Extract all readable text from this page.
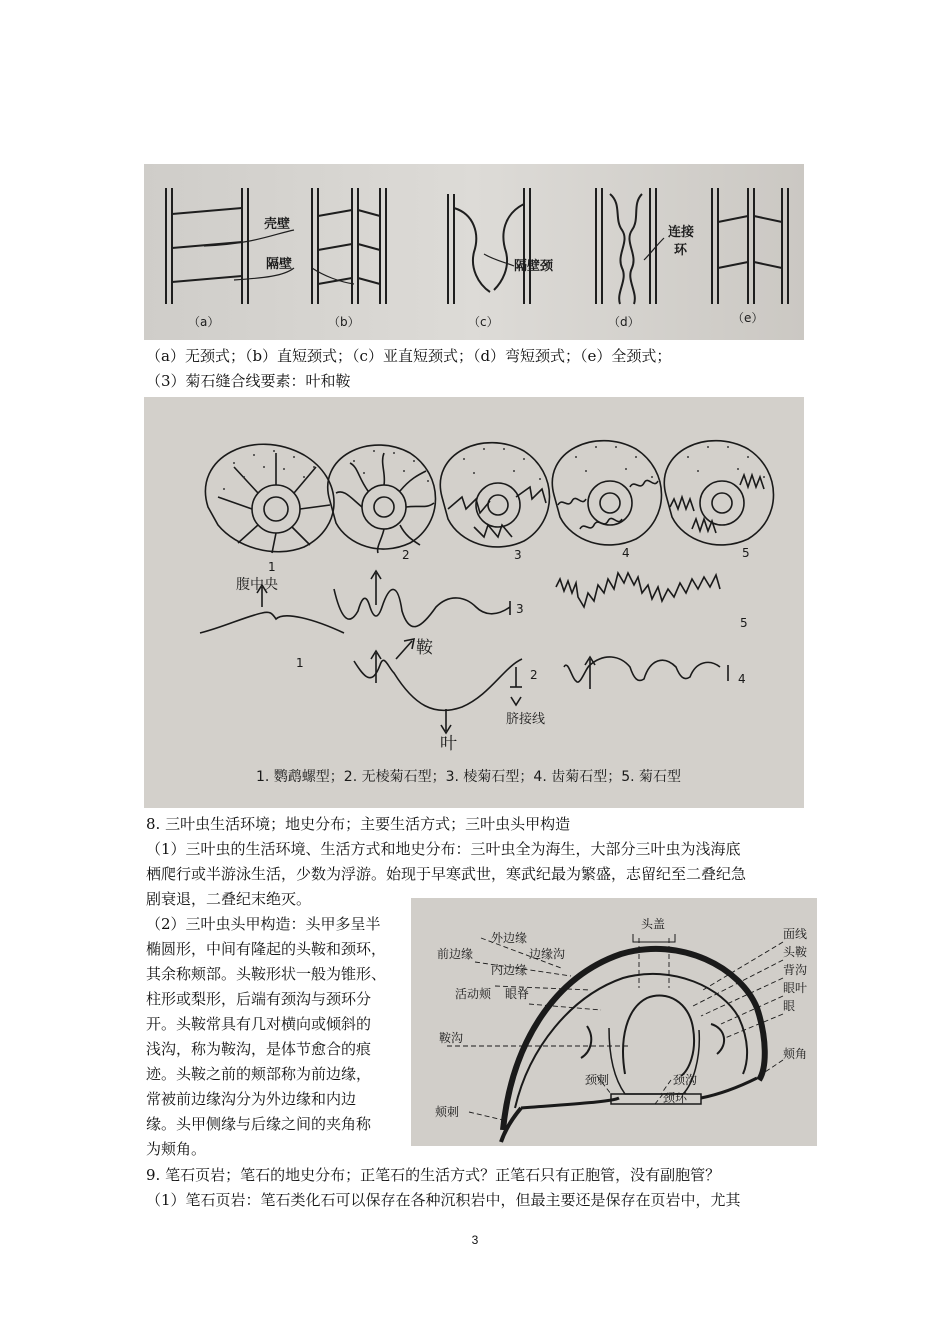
壳壁
隔壁	隔壁颈
连接
环
（a）	（b）	（c）	（d）	（e）
（a）无颈式；（b）直短颈式；（c）亚直短颈式；（d）弯短颈式；（e）全颈式；
（3）菊石缝合线要素：叶和鞍
1
2	3	4	5
腹中央
鞍
叶
脐接线
1
2
3
4
5
1. 鹦鹉螺型；2. 无棱菊石型；3. 棱菊石型；4. 齿菊石型；5. 菊石型
8. 三叶虫生活环境；地史分布；主要生活方式；三叶虫头甲构造
（1）三叶虫的生活环境、生活方式和地史分布：三叶虫全为海生，大部分三叶虫为浅海底
栖爬行或半游泳生活，少数为浮游。始现于早寒武世，寒武纪最为繁盛，志留纪至二叠纪急
剧衰退，二叠纪末绝灭。
（2）三叶虫头甲构造：头甲多呈半
椭圆形，中间有隆起的头鞍和颈环，
其余称颊部。头鞍形状一般为锥形、
柱形或梨形，后端有颈沟与颈环分
开。头鞍常具有几对横向或倾斜的
浅沟，称为鞍沟，是体节愈合的痕
迹。头鞍之前的颊部称为前边缘，
常被前边缘沟分为外边缘和内边
缘。头甲侧缘与后缘之间的夹角称
为颊角。
头盖
外边缘
前边缘	边缘沟
内边缘
活动颊 眼脊
鞍沟
颈刺
颊刺
面线
头鞍
背沟
眼叶
眼
颊角
颈沟
颈环
9. 笔石页岩；笔石的地史分布；正笔石的生活方式？正笔石只有正胞管，没有副胞管？
（1）笔石页岩：笔石类化石可以保存在各种沉积岩中，但最主要还是保存在页岩中，尤其
3
